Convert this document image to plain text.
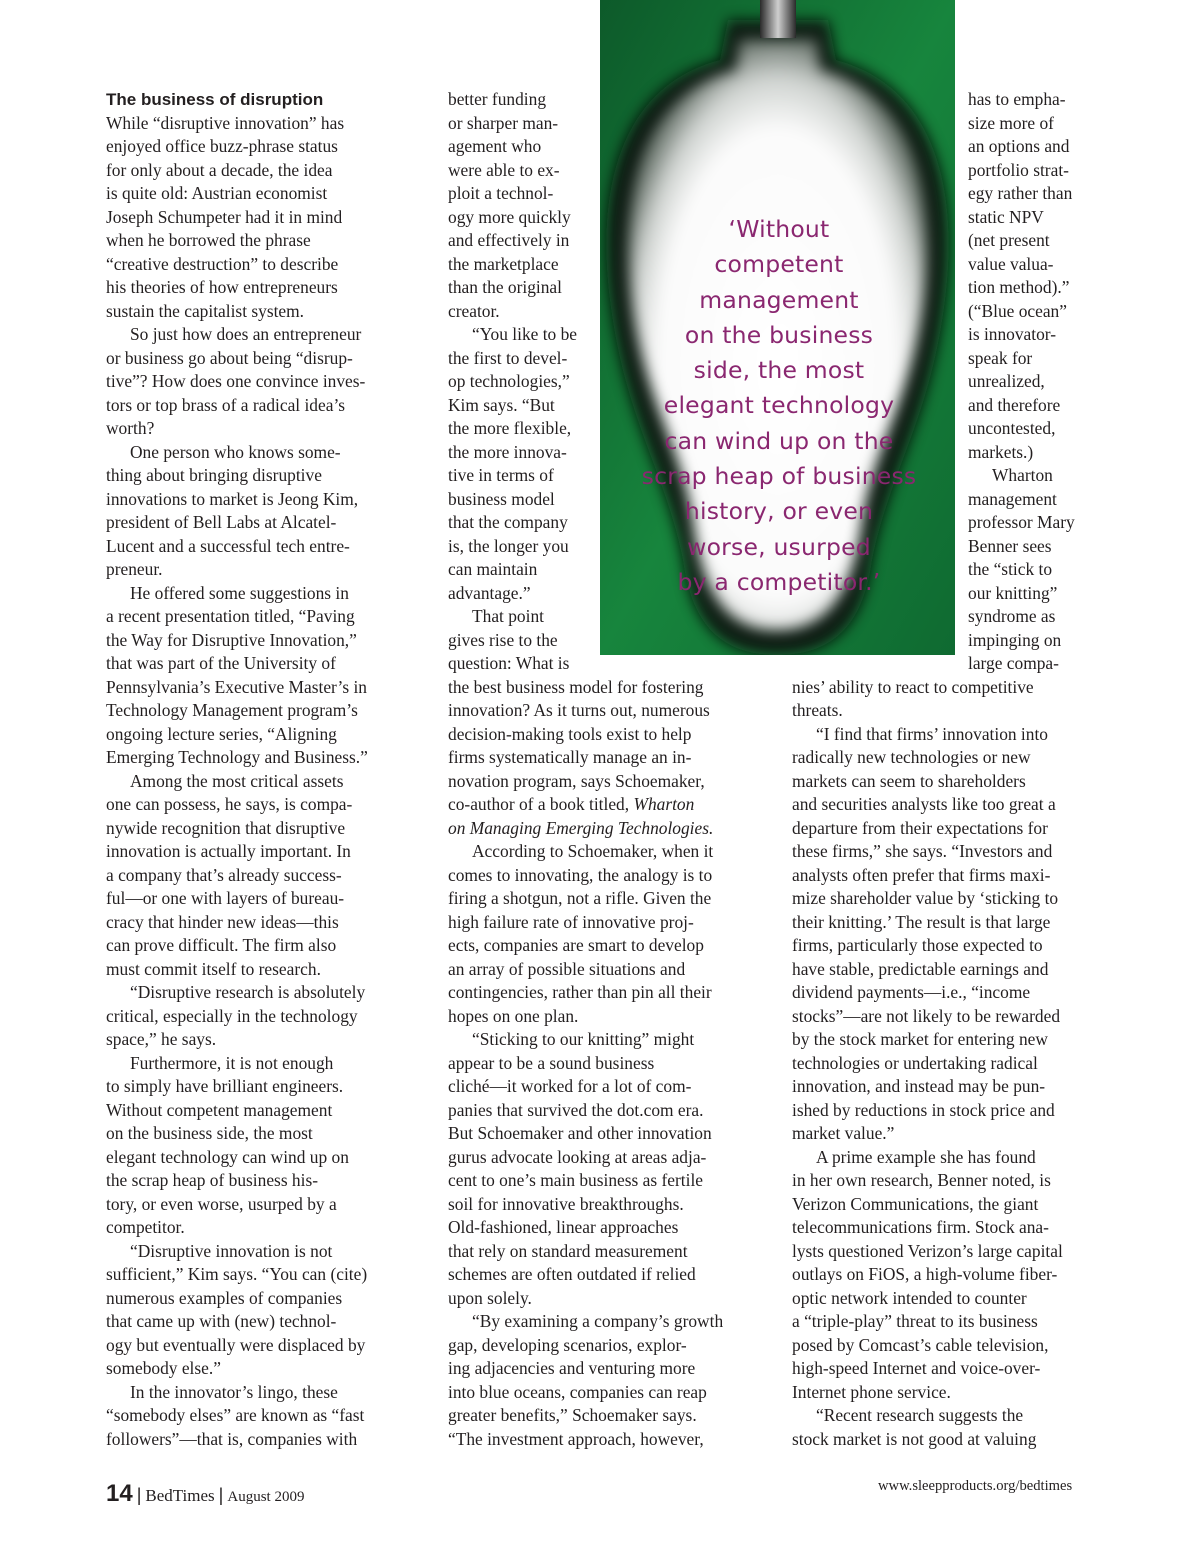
‘Without
competent
management
on the business
side, the most
elegant technology
can wind up on the
scrap heap of business
history, or even
worse, usurped
by a competitor.’
The business of disruption
While “disruptive innovation” has
enjoyed office buzz-phrase status
for only about a decade, the idea
is quite old: Austrian economist
Joseph Schumpeter had it in mind
when he borrowed the phrase
“creative destruction” to describe
his theories of how entrepreneurs
sustain the capitalist system.
So just how does an entrepreneur
or business go about being “disrup-
tive”? How does one convince inves-
tors or top brass of a radical idea’s
worth?
One person who knows some-
thing about bringing disruptive
innovations to market is Jeong Kim,
president of Bell Labs at Alcatel-
Lucent and a successful tech entre-
preneur.
He offered some suggestions in
a recent presentation titled, “Paving
the Way for Disruptive Innovation,”
that was part of the University of
Pennsylvania’s Executive Master’s in
Technology Management program’s
ongoing lecture series, “Aligning
Emerging Technology and Business.”
Among the most critical assets
one can possess, he says, is compa-
nywide recognition that disruptive
innovation is actually important. In
a company that’s already success-
ful—or one with layers of bureau-
cracy that hinder new ideas—this
can prove difficult. The firm also
must commit itself to research.
“Disruptive research is absolutely
critical, especially in the technology
space,” he says.
Furthermore, it is not enough
to simply have brilliant engineers.
Without competent management
on the business side, the most
elegant technology can wind up on
the scrap heap of business his-
tory, or even worse, usurped by a
competitor.
“Disruptive innovation is not
sufficient,” Kim says. “You can (cite)
numerous examples of companies
that came up with (new) technol-
ogy but eventually were displaced by
somebody else.”
In the innovator’s lingo, these
“somebody elses” are known as “fast
followers”—that is, companies with
better funding
or sharper man-
agement who
were able to ex-
ploit a technol-
ogy more quickly
and effectively in
the marketplace
than the original
creator.
“You like to be
the first to devel-
op technologies,”
Kim says. “But
the more flexible,
the more innova-
tive in terms of
business model
that the company
is, the longer you
can maintain
advantage.”
That point
gives rise to the
question: What is
the best business model for fostering
innovation? As it turns out, numerous
decision-making tools exist to help
firms systematically manage an in-
novation program, says Schoemaker,
co-author of a book titled, Wharton
on Managing Emerging Technologies.
According to Schoemaker, when it
comes to innovating, the analogy is to
firing a shotgun, not a rifle. Given the
high failure rate of innovative proj-
ects, companies are smart to develop
an array of possible situations and
contingencies, rather than pin all their
hopes on one plan.
“Sticking to our knitting” might
appear to be a sound business
cliché—it worked for a lot of com-
panies that survived the dot.com era.
But Schoemaker and other innovation
gurus advocate looking at areas adja-
cent to one’s main business as fertile
soil for innovative breakthroughs.
Old-fashioned, linear approaches
that rely on standard measurement
schemes are often outdated if relied
upon solely.
“By examining a company’s growth
gap, developing scenarios, explor-
ing adjacencies and venturing more
into blue oceans, companies can reap
greater benefits,” Schoemaker says.
“The investment approach, however,
has to empha-
size more of
an options and
portfolio strat-
egy rather than
static NPV
(net present
value valua-
tion method).”
(“Blue ocean”
is innovator-
speak for
unrealized,
and therefore
uncontested,
markets.)
Wharton
management
professor Mary
Benner sees
the “stick to
our knitting”
syndrome as
impinging on
large compa-
nies’ ability to react to competitive
threats.
“I find that firms’ innovation into
radically new technologies or new
markets can seem to shareholders
and securities analysts like too great a
departure from their expectations for
these firms,” she says. “Investors and
analysts often prefer that firms maxi-
mize shareholder value by ‘sticking to
their knitting.’ The result is that large
firms, particularly those expected to
have stable, predictable earnings and
dividend payments—i.e., “income
stocks”—are not likely to be rewarded
by the stock market for entering new
technologies or undertaking radical
innovation, and instead may be pun-
ished by reductions in stock price and
market value.”
A prime example she has found
in her own research, Benner noted, is
Verizon Communications, the giant
telecommunications firm. Stock ana-
lysts questioned Verizon’s large capital
outlays on FiOS, a high-volume fiber-
optic network intended to counter
a “triple-play” threat to its business
posed by Comcast’s cable television,
high-speed Internet and voice-over-
Internet phone service.
“Recent research suggests the
stock market is not good at valuing
14 | BedTimes | August 2009
www.sleepproducts.org/bedtimes
